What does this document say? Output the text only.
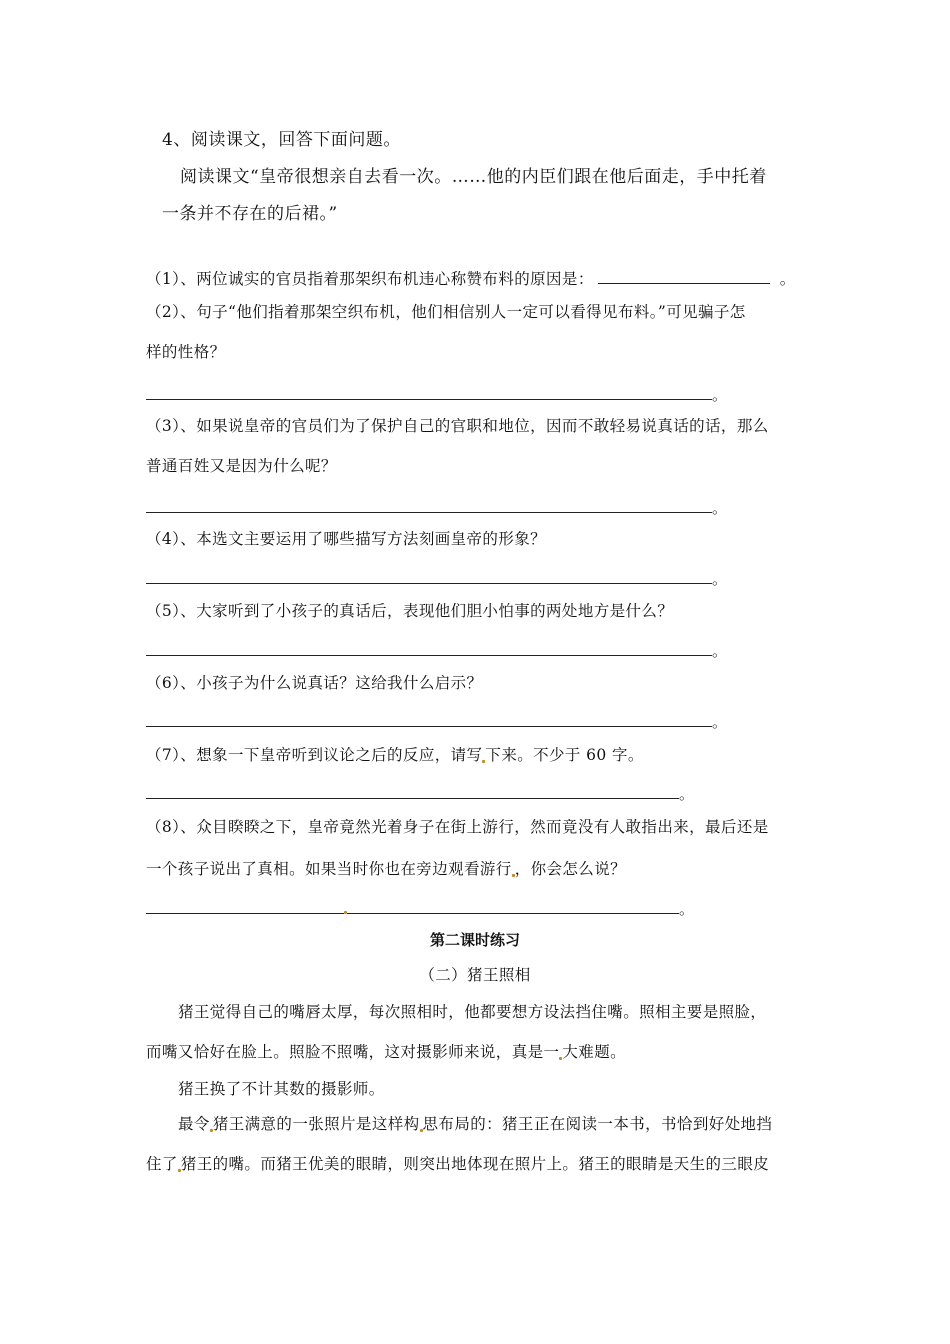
4、阅读课文，回答下面问题。
阅读课文“皇帝很想亲自去看一次。……他的内臣们跟在他后面走，手中托着
一条并不存在的后裙。”
（1）、两位诚实的官员指着那架织布机违心称赞布料的原因是：	。
（2）、句子“他们指着那架空织布机，他们相信别人一定可以看得见布料。”可见骗子怎
样的性格？
。
（3）、如果说皇帝的官员们为了保护自己的官职和地位，因而不敢轻易说真话的话，那么
普通百姓又是因为什么呢？
。
（4）、本选文主要运用了哪些描写方法刻画皇帝的形象？
。
（5）、大家听到了小孩子的真话后，表现他们胆小怕事的两处地方是什么？
。
（6）、小孩子为什么说真话？这给我什么启示？
。
（7）、想象一下皇帝听到议论之后的反应，请写 下来。不少于 60 字。
。
（8）、众目睽睽之下，皇帝竟然光着身子在街上游行，然而竟没有人敢指出来，最后还是
一个孩子说出了真相。如果当时你也在旁边观看游行 ，你会怎么说？
。
第二课时练习
（二）猪王照相
猪王觉得自己的嘴唇太厚，每次照相时，他都要想方设法挡住嘴。照相主要是照脸，
而嘴又恰好在脸上。照脸不照嘴，这对摄影师来说，真是一 大难题。
猪王换了不计其数的摄影师。
最令 猪王满意的一张照片是这样构 思布局的：猪王正在阅读一本书，书恰到好处地挡
住了 猪王的嘴。而猪王优美的眼睛，则突出地体现在照片上。猪王的眼睛是天生的三眼皮
